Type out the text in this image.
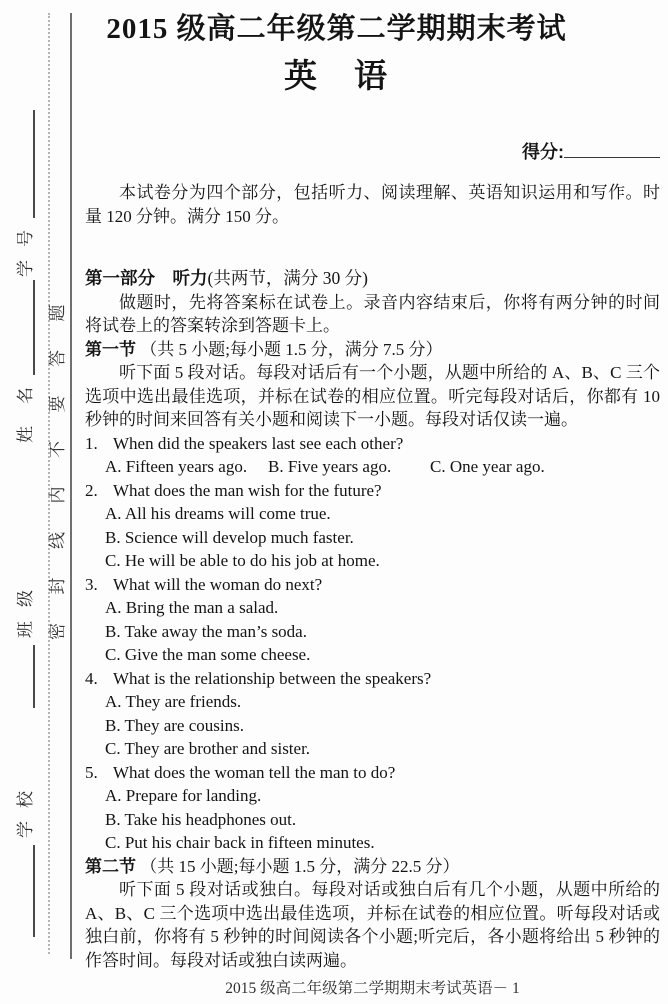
学号
姓名
班级
学校
密封线内不要答题
2015 级高二年级第二学期期末考试
英　语
得分:
本试卷分为四个部分，包括听力、阅读理解、英语知识运用和写作。时量 120 分钟。满分 150 分。
第一部分　听力(共两节，满分 30 分)
做题时，先将答案标在试卷上。录音内容结束后，你将有两分钟的时间将试卷上的答案转涂到答题卡上。
第一节 （共 5 小题;每小题 1.5 分，满分 7.5 分）
听下面 5 段对话。每段对话后有一个小题，从题中所给的 A、B、C 三个选项中选出最佳选项，并标在试卷的相应位置。听完每段对话后，你都有 10 秒钟的时间来回答有关小题和阅读下一小题。每段对话仅读一遍。
1. When did the speakers last see each other?
A. Fifteen years ago.	B. Five years ago.	C. One year ago.
2. What does the man wish for the future?
A. All his dreams will come true.
B. Science will develop much faster.
C. He will be able to do his job at home.
3. What will the woman do next?
A. Bring the man a salad.
B. Take away the man’s soda.
C. Give the man some cheese.
4. What is the relationship between the speakers?
A. They are friends.
B. They are cousins.
C. They are brother and sister.
5. What does the woman tell the man to do?
A. Prepare for landing.
B. Take his headphones out.
C. Put his chair back in fifteen minutes.
第二节 （共 15 小题;每小题 1.5 分，满分 22.5 分）
听下面 5 段对话或独白。每段对话或独白后有几个小题，从题中所给的 A、B、C 三个选项中选出最佳选项，并标在试卷的相应位置。听每段对话或独白前，你将有 5 秒钟的时间阅读各个小题;听完后，各小题将给出 5 秒钟的作答时间。每段对话或独白读两遍。
2015 级高二年级第二学期期末考试英语－ 1
